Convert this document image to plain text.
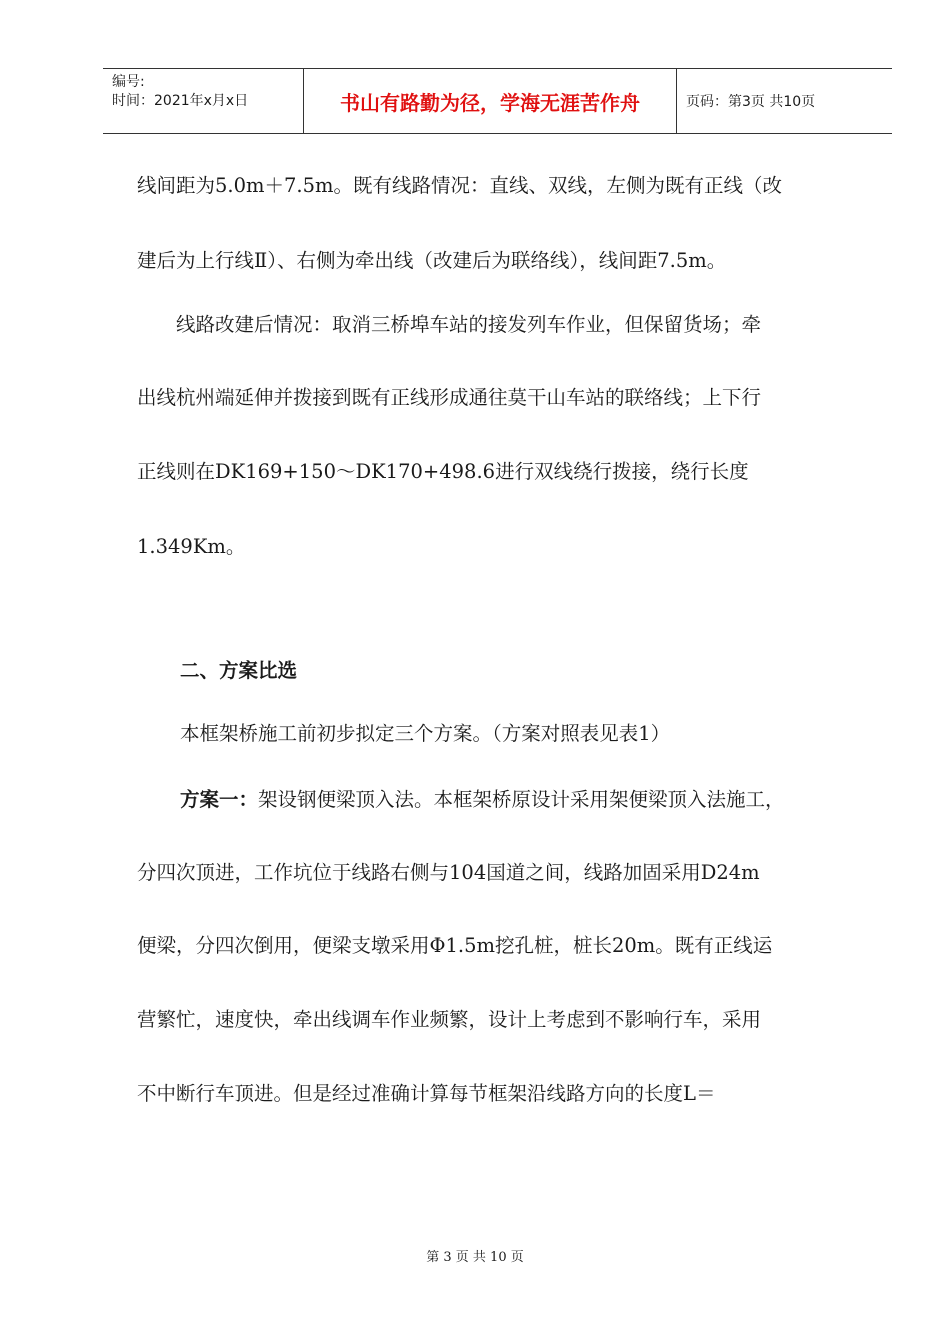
编号:
时间：2021年x月x日	书山有路勤为径，学海无涯苦作舟	页码：第3页 共10页

线间距为5.0m＋7.5m。既有线路情况：直线、双线，左侧为既有正线（改

建后为上行线Ⅱ）、右侧为牵出线（改建后为联络线），线间距7.5m。

　　线路改建后情况：取消三桥埠车站的接发列车作业，但保留货场；牵

出线杭州端延伸并拨接到既有正线形成通往莫干山车站的联络线；上下行

正线则在DK169+150～DK170+498.6进行双线绕行拨接，绕行长度

1.349Km。

二、方案比选

本框架桥施工前初步拟定三个方案。（方案对照表见表1）

方案一：架设钢便梁顶入法。本框架桥原设计采用架便梁顶入法施工，

分四次顶进，工作坑位于线路右侧与104国道之间，线路加固采用D24m

便梁，分四次倒用，便梁支墩采用Φ1.5m挖孔桩，桩长20m。既有正线运

营繁忙，速度快，牵出线调车作业频繁，设计上考虑到不影响行车，采用

不中断行车顶进。但是经过准确计算每节框架沿线路方向的长度L＝

第 3 页 共 10 页
